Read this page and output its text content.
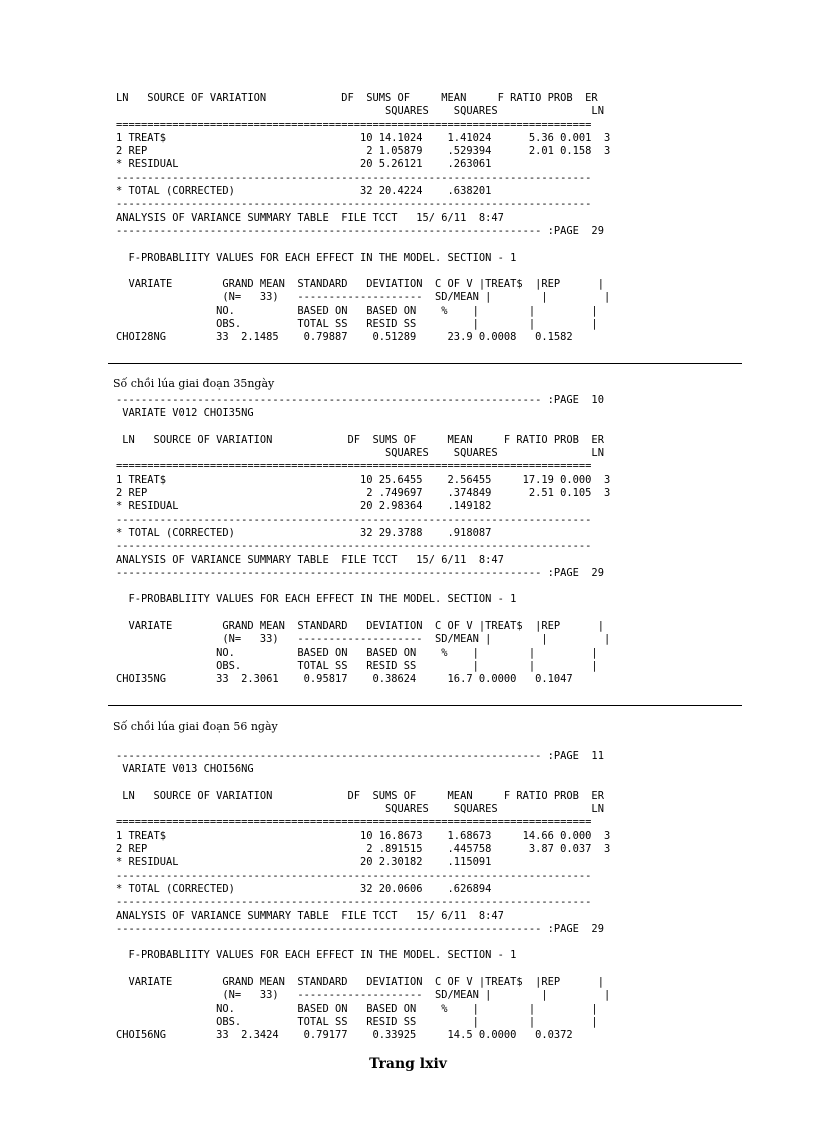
LN   SOURCE OF VARIATION            DF  SUMS OF     MEAN     F RATIO PROB  ER
SQUARES    SQUARES               LN
============================================================================
1 TREAT$                               10 14.1024    1.41024      5.36 0.001  3
2 REP                                   2 1.05879    .529394      2.01 0.158  3
* RESIDUAL                             20 5.26121    .263061
----------------------------------------------------------------------------
* TOTAL (CORRECTED)                    32 20.4224    .638201
----------------------------------------------------------------------------
ANALYSIS OF VARIANCE SUMMARY TABLE  FILE TCCT   15/ 6/11  8:47
-------------------------------------------------------------------- :PAGE  29

F-PROBABLIITY VALUES FOR EACH EFFECT IN THE MODEL. SECTION - 1

VARIATE        GRAND MEAN  STANDARD   DEVIATION  C OF V |TREAT$  |REP      |
(N=   33)   --------------------  SD/MEAN |        |         |
NO.          BASED ON   BASED ON    %    |        |         |
OBS.         TOTAL SS   RESID SS         |        |         |
CHOI28NG        33  2.1485    0.79887    0.51289     23.9 0.0008   0.1582
Số chồi lúa giai đoạn 35ngày
-------------------------------------------------------------------- :PAGE  10
VARIATE V012 CHOI35NG

LN   SOURCE OF VARIATION            DF  SUMS OF     MEAN     F RATIO PROB  ER
SQUARES    SQUARES               LN
============================================================================
1 TREAT$                               10 25.6455    2.56455     17.19 0.000  3
2 REP                                   2 .749697    .374849      2.51 0.105  3
* RESIDUAL                             20 2.98364    .149182
----------------------------------------------------------------------------
* TOTAL (CORRECTED)                    32 29.3788    .918087
----------------------------------------------------------------------------
ANALYSIS OF VARIANCE SUMMARY TABLE  FILE TCCT   15/ 6/11  8:47
-------------------------------------------------------------------- :PAGE  29

F-PROBABLIITY VALUES FOR EACH EFFECT IN THE MODEL. SECTION - 1

VARIATE        GRAND MEAN  STANDARD   DEVIATION  C OF V |TREAT$  |REP      |
(N=   33)   --------------------  SD/MEAN |        |         |
NO.          BASED ON   BASED ON    %    |        |         |
OBS.         TOTAL SS   RESID SS         |        |         |
CHOI35NG        33  2.3061    0.95817    0.38624     16.7 0.0000   0.1047
Số chồi lúa giai đoạn 56 ngày
-------------------------------------------------------------------- :PAGE  11
VARIATE V013 CHOI56NG

LN   SOURCE OF VARIATION            DF  SUMS OF     MEAN     F RATIO PROB  ER
SQUARES    SQUARES               LN
============================================================================
1 TREAT$                               10 16.8673    1.68673     14.66 0.000  3
2 REP                                   2 .891515    .445758      3.87 0.037  3
* RESIDUAL                             20 2.30182    .115091
----------------------------------------------------------------------------
* TOTAL (CORRECTED)                    32 20.0606    .626894
----------------------------------------------------------------------------
ANALYSIS OF VARIANCE SUMMARY TABLE  FILE TCCT   15/ 6/11  8:47
-------------------------------------------------------------------- :PAGE  29

F-PROBABLIITY VALUES FOR EACH EFFECT IN THE MODEL. SECTION - 1

VARIATE        GRAND MEAN  STANDARD   DEVIATION  C OF V |TREAT$  |REP      |
(N=   33)   --------------------  SD/MEAN |        |         |
NO.          BASED ON   BASED ON    %    |        |         |
OBS.         TOTAL SS   RESID SS         |        |         |
CHOI56NG        33  2.3424    0.79177    0.33925     14.5 0.0000   0.0372
Trang lxiv
